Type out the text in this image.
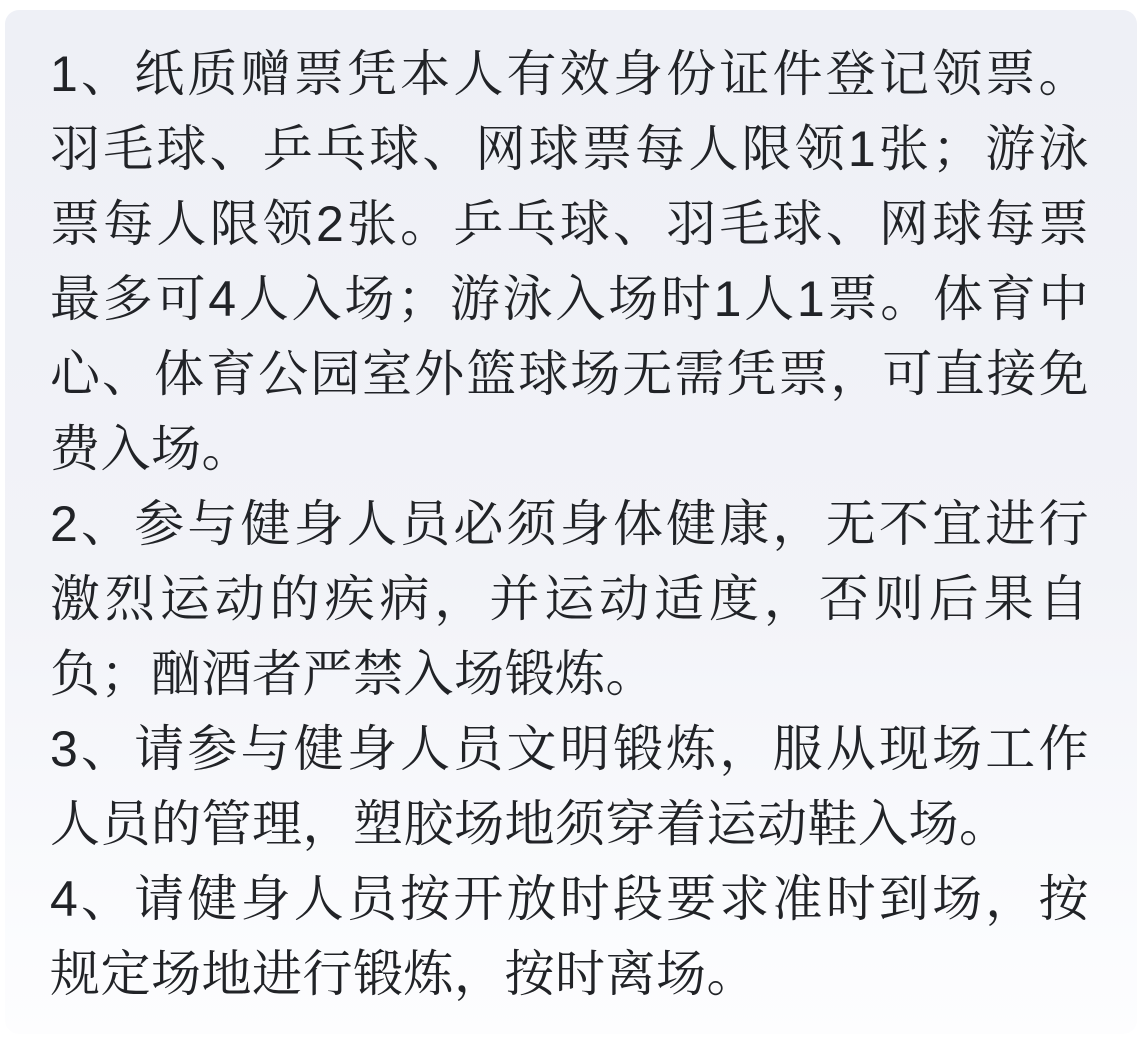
1、纸质赠票凭本人有效身份证件登记领票。
羽毛球、乒乓球、网球票每人限领1张；游泳
票每人限领2张。乒乓球、羽毛球、网球每票
最多可4人入场；游泳入场时1人1票。体育中
心、体育公园室外篮球场无需凭票，可直接免
费入场。
2、参与健身人员必须身体健康，无不宜进行
激烈运动的疾病，并运动适度，否则后果自
负；酗酒者严禁入场锻炼。
3、请参与健身人员文明锻炼，服从现场工作
人员的管理，塑胶场地须穿着运动鞋入场。
4、请健身人员按开放时段要求准时到场，按
规定场地进行锻炼，按时离场。
